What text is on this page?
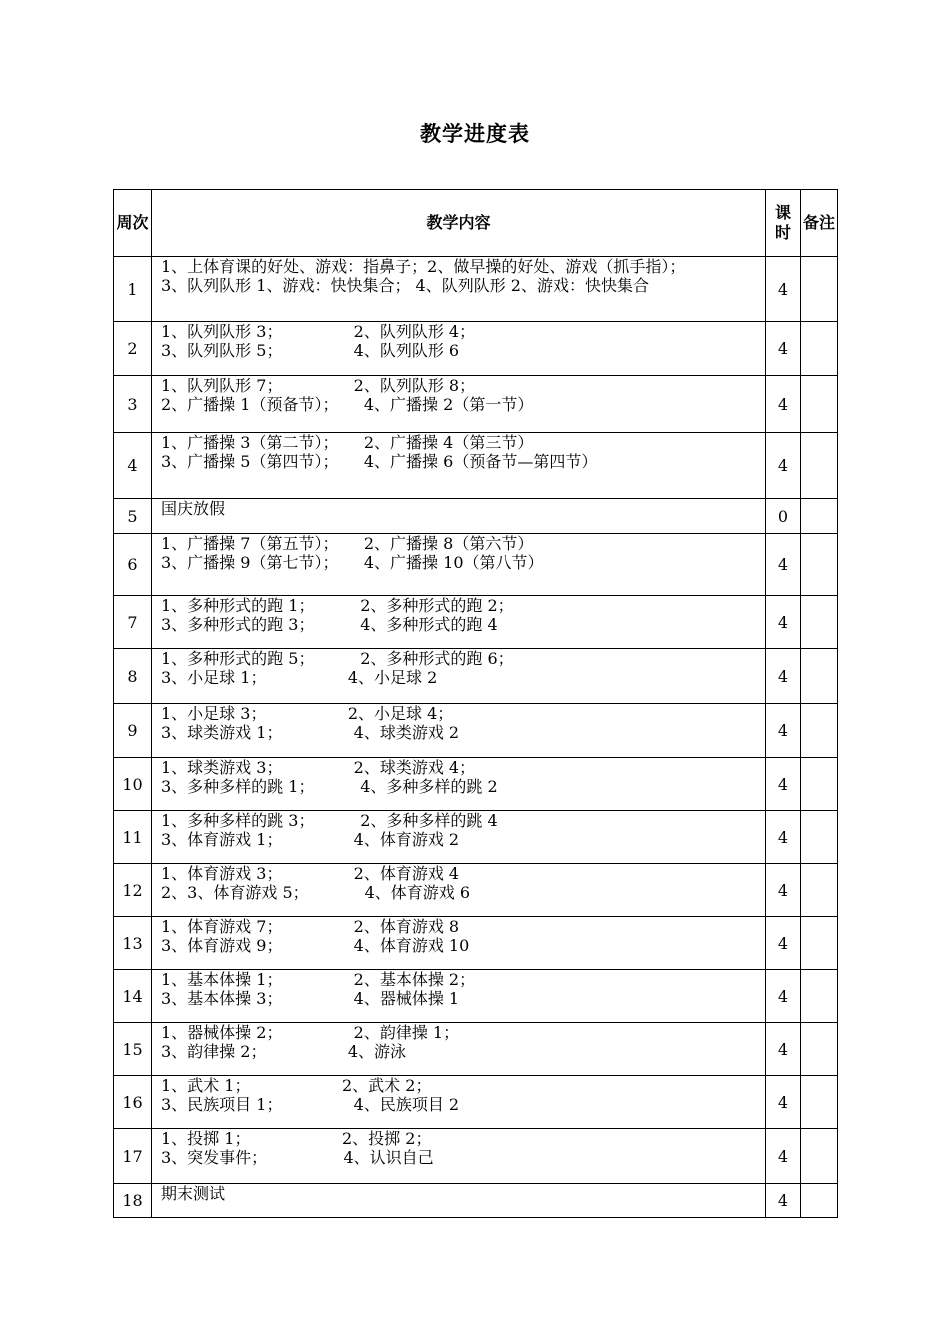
教学进度表
周次	教学内容	课时	备注
1	1、上体育课的好处、游戏：指鼻子；2、做早操的好处、游戏（抓手指）；
3、队列队形 1、游戏：快快集合； 4、队列队形 2、游戏：快快集合	4	
2	1、队列队形 3；              2、队列队形 4；
3、队列队形 5；              4、队列队形 6	4	
3	1、队列队形 7；              2、队列队形 8；
2、广播操 1（预备节）；     4、广播操 2（第一节）	4	
4	1、广播操 3（第二节）；     2、广播操 4（第三节）
3、广播操 5（第四节）；     4、广播操 6（预备节—第四节）	4	
5	国庆放假	0	
6	1、广播操 7（第五节）；     2、广播操 8（第六节）
3、广播操 9（第七节）；     4、广播操 10（第八节）	4	
7	1、多种形式的跑 1；         2、多种形式的跑 2；
3、多种形式的跑 3；         4、多种形式的跑 4	4	
8	1、多种形式的跑 5；         2、多种形式的跑 6；
3、小足球 1；                4、小足球 2	4	
9	1、小足球 3；                2、小足球 4；
3、球类游戏 1；              4、球类游戏 2	4	
10	1、球类游戏 3；              2、球类游戏 4；
3、多种多样的跳 1；         4、多种多样的跳 2	4	
11	1、多种多样的跳 3；         2、多种多样的跳 4
3、体育游戏 1；              4、体育游戏 2	4	
12	1、体育游戏 3；              2、体育游戏 4
2、3、体育游戏 5；           4、体育游戏 6	4	
13	1、体育游戏 7；              2、体育游戏 8
3、体育游戏 9；              4、体育游戏 10	4	
14	1、基本体操 1；              2、基本体操 2；
3、基本体操 3；              4、器械体操 1	4	
15	1、器械体操 2；              2、韵律操 1；
3、韵律操 2；                4、游泳	4	
16	1、武术 1；                  2、武术 2；
3、民族项目 1；              4、民族项目 2	4	
17	1、投掷 1；                  2、投掷 2；
3、突发事件；               4、认识自己	4	
18	期末测试	4	
